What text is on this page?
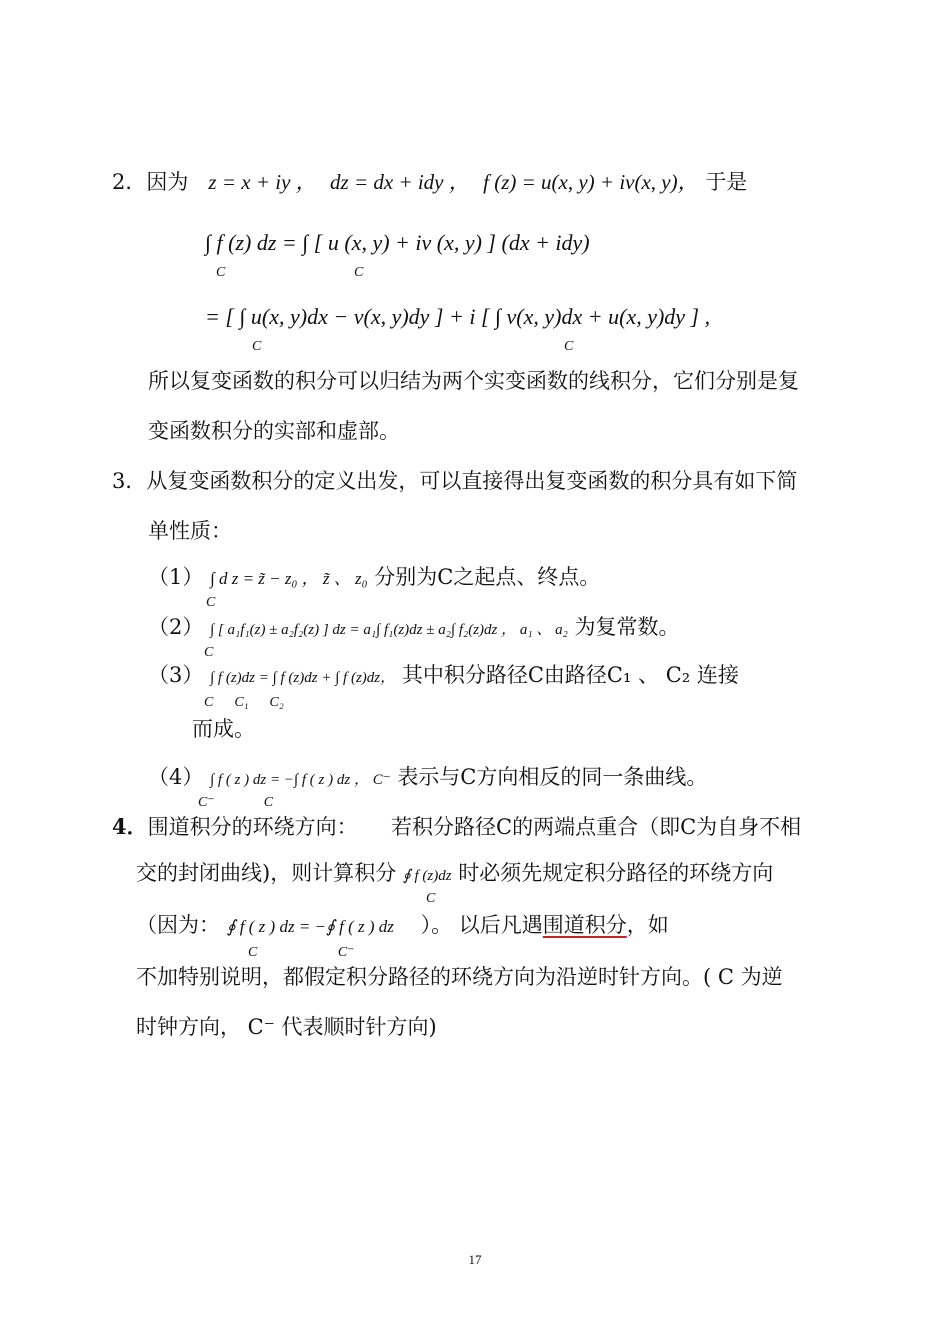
2．因为 z = x + iy ， dz = dx + idy ， f (z) = u(x, y) + iv(x, y)， 于是
∫ f (z) dz = ∫ [ u (x, y) + iv (x, y) ] (dx + idy)
C	C
= [ ∫ u(x, y)dx − v(x, y)dy ] + i [ ∫ v(x, y)dx + u(x, y)dy ] ,
C	C
所以复变函数的积分可以归结为两个实变函数的线积分，它们分别是复
变函数积分的实部和虚部。
3．从复变函数积分的定义出发，可以直接得出复变函数的积分具有如下简
单性质：
（1） ∫ d z = z̃ − z₀ ， z̃ 、 z₀ 分别为C之起点、终点。
C
（2） ∫ [ a₁f₁(z) ± a₂f₂(z) ] dz = a₁∫ f₁(z)dz ± a₂∫ f₂(z)dz ， a₁ 、 a₂ 为复常数。
C
（3） ∫ f (z)dz = ∫ f (z)dz + ∫ f (z)dz， 其中积分路径C由路径C₁ 、 C₂ 连接
C      C₁      C₂
而成。
（4） ∫ f ( z ) dz = −∫ f ( z ) dz ， C⁻ 表示与C方向相反的同一条曲线。
C⁻              C
4．围道积分的环绕方向： 若积分路径C的两端点重合（即C为自身不相
交的封闭曲线)，则计算积分 ∮ f (z)dz 时必须先规定积分路径的环绕方向
C
（因为： ∮ f ( z ) dz = −∮ f ( z ) dz ）。 以后凡遇围道积分，如
C                       C⁻
不加特别说明，都假定积分路径的环绕方向为沿逆时针方向。( C 为逆
时钟方向， C⁻ 代表顺时针方向)
17
